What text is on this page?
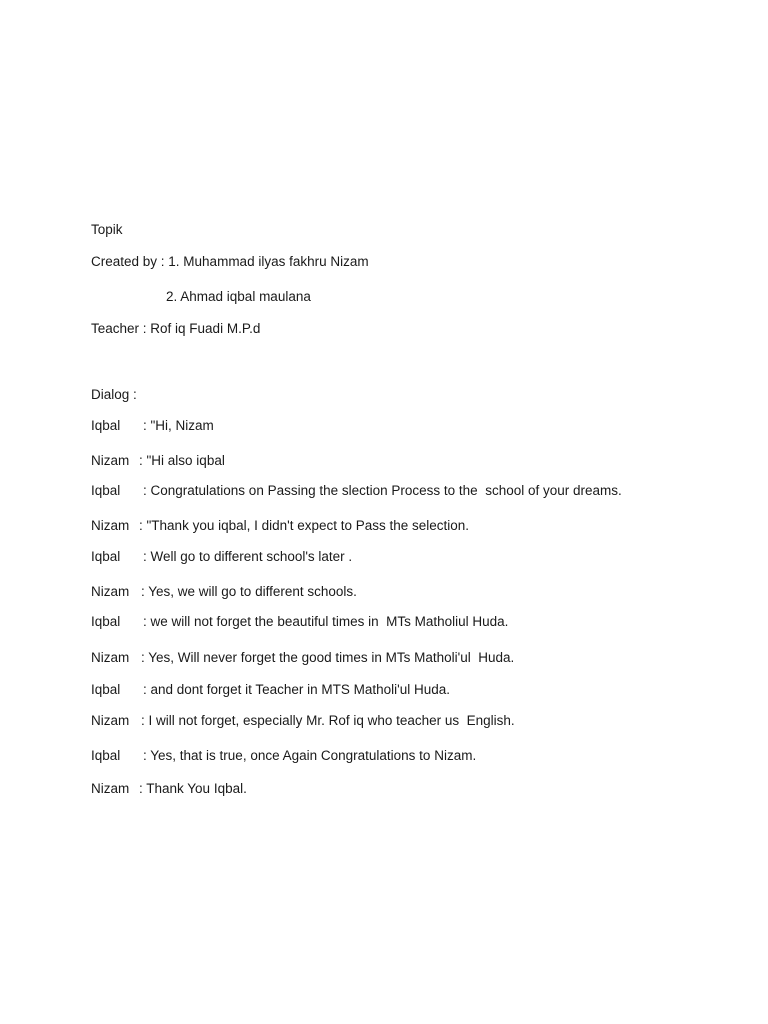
Topik
Created by : 1. Muhammad ilyas fakhru Nizam
2. Ahmad iqbal maulana
Teacher : Rof iq Fuadi M.P.d
Dialog :
Iqbal : "Hi, Nizam
Nizam : "Hi also iqbal
Iqbal : Congratulations on Passing the slection Process to the  school of your dreams.
Nizam : "Thank you iqbal, I didn't expect to Pass the selection.
Iqbal : Well go to different school's later .
Nizam : Yes, we will go to different schools.
Iqbal : we will not forget the beautiful times in  MTs Matholiul Huda.
Nizam : Yes, Will never forget the good times in MTs Matholi'ul  Huda.
Iqbal : and dont forget it Teacher in MTS Matholi'ul Huda.
Nizam : I will not forget, especially Mr. Rof iq who teacher us  English.
Iqbal : Yes, that is true, once Again Congratulations to Nizam.
Nizam : Thank You Iqbal.
